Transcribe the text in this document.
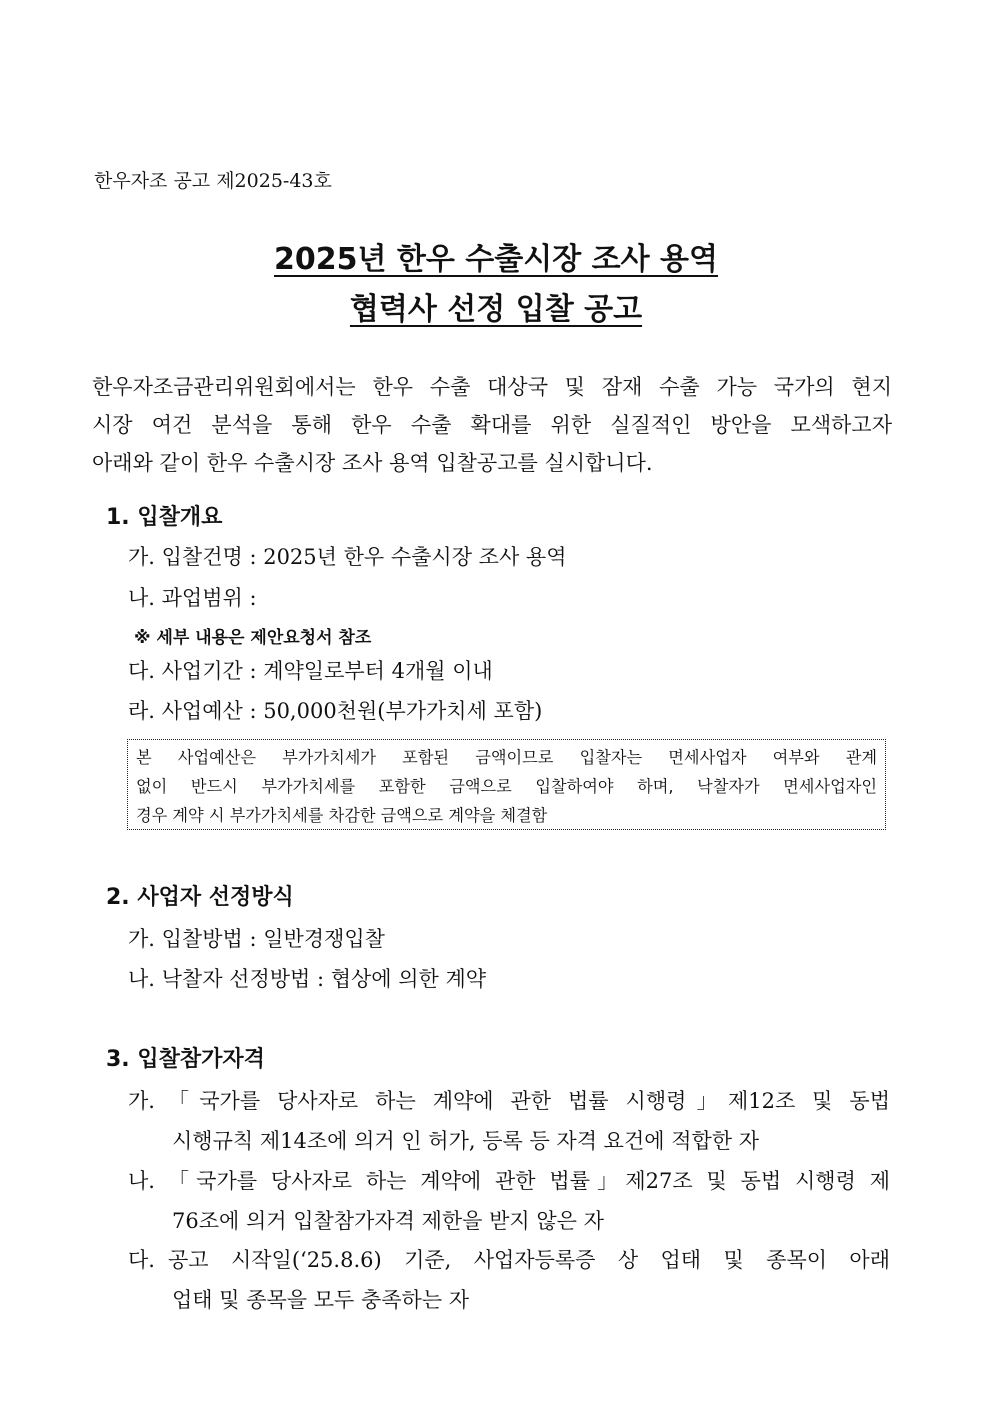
한우자조 공고 제2025-43호
2025년 한우 수출시장 조사 용역
협력사 선정 입찰 공고
한우자조금관리위원회에서는 한우 수출 대상국 및 잠재 수출 가능 국가의 현지
시장 여건 분석을 통해 한우 수출 확대를 위한 실질적인 방안을 모색하고자
아래와 같이 한우 수출시장 조사 용역 입찰공고를 실시합니다.
1. 입찰개요
가. 입찰건명 : 2025년 한우 수출시장 조사 용역
나. 과업범위 :
※ 세부 내용은 제안요청서 참조
다. 사업기간 : 계약일로부터 4개월 이내
라. 사업예산 : 50,000천원(부가가치세 포함)
본 사업예산은 부가가치세가 포함된 금액이므로 입찰자는 면세사업자 여부와 관계
없이 반드시 부가가치세를 포함한 금액으로 입찰하여야 하며, 낙찰자가 면세사업자인
경우 계약 시 부가가치세를 차감한 금액으로 계약을 체결함
2. 사업자 선정방식
가. 입찰방법 : 일반경쟁입찰
나. 낙찰자 선정방법 : 협상에 의한 계약
3. 입찰참가자격
가. 「국가를 당사자로 하는 계약에 관한 법률 시행령」제12조 및 동법
시행규칙 제14조에 의거 인 허가, 등록 등 자격 요건에 적합한 자
나. 「국가를 당사자로 하는 계약에 관한 법률」제27조 및 동법 시행령 제
76조에 의거 입찰참가자격 제한을 받지 않은 자
다. 공고 시작일(‘25.8.6) 기준, 사업자등록증 상 업태 및 종목이 아래
업태 및 종목을 모두 충족하는 자
